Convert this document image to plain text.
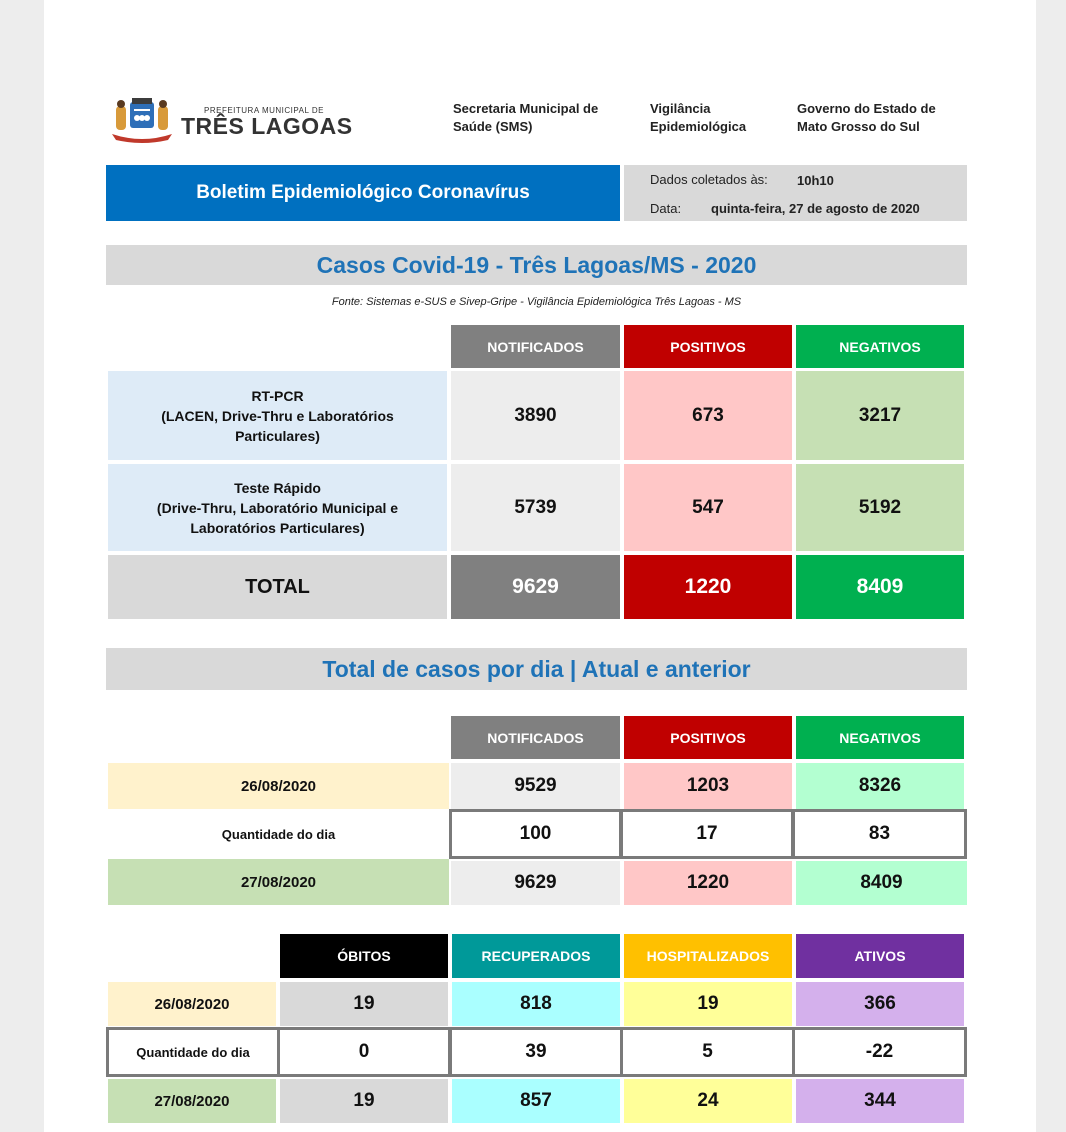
PREFEITURA MUNICIPAL DE
TRÊS LAGOAS
Secretaria Municipal de
Saúde (SMS)
Vigilância
Epidemiológica
Governo do Estado de
Mato Grosso do Sul
Boletim Epidemiológico Coronavírus
Dados coletados às: 10h10
Data: quinta-feira, 27 de agosto de 2020
Casos Covid-19 - Três Lagoas/MS - 2020
Fonte: Sistemas e-SUS e Sivep-Gripe - Vigilância Epidemiológica Três Lagoas - MS
NOTIFICADOS	POSITIVOS	NEGATIVOS
RT-PCR
(LACEN, Drive-Thru e Laboratórios
Particulares)
3890	673	3217
Teste Rápido
(Drive-Thru, Laboratório Municipal e
Laboratórios Particulares)
5739	547	5192
TOTAL	9629	1220	8409
Total de casos por dia | Atual e anterior
NOTIFICADOS	POSITIVOS	NEGATIVOS
26/08/2020	9529	1203	8326
Quantidade do dia	100	17	83
27/08/2020	9629	1220	8409
ÓBITOS	RECUPERADOS	HOSPITALIZADOS	ATIVOS
26/08/2020	19	818	19	366
Quantidade do dia	0	39	5	-22
27/08/2020	19	857	24	344
